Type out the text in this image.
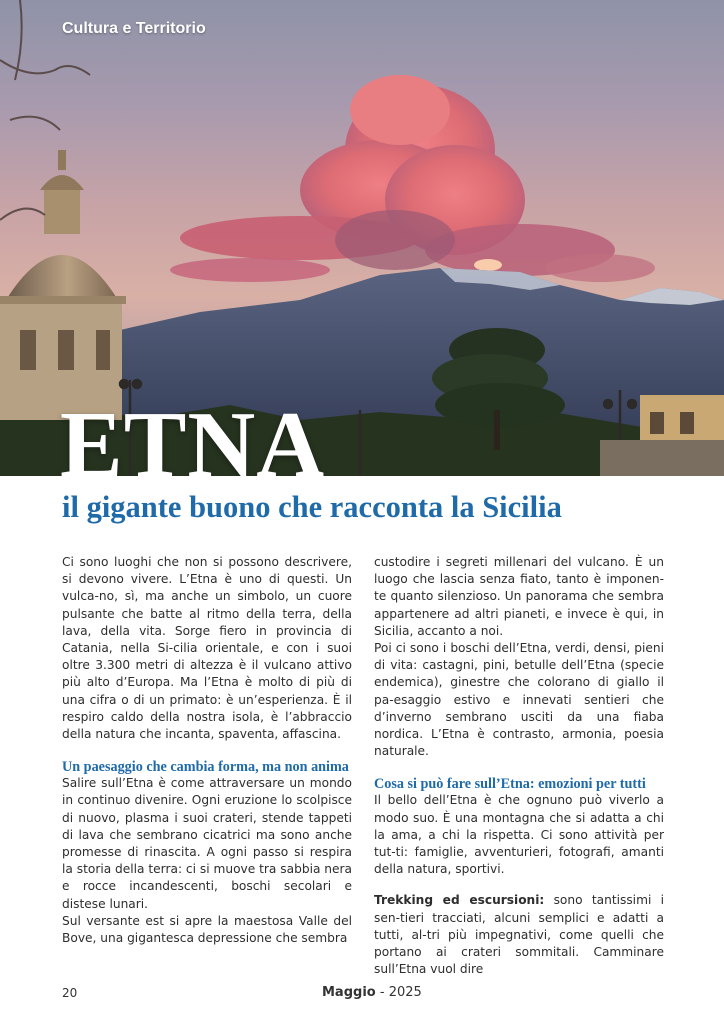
Cultura e Territorio
ETNA
il gigante buono che racconta la Sicilia

Ci sono luoghi che non si possono descrivere, si devono vivere. L’Etna è uno di questi. Un vulca-no, sì, ma anche un simbolo, un cuore pulsante che batte al ritmo della terra, della lava, della vita. Sorge fiero in provincia di Catania, nella Si-cilia orientale, e con i suoi oltre 3.300 metri di altezza è il vulcano attivo più alto d’Europa. Ma l’Etna è molto di più di una cifra o di un primato: è un’esperienza. È il respiro caldo della nostra isola, è l’abbraccio della natura che incanta, spaventa, affascina.

Un paesaggio che cambia forma, ma non anima

Salire sull’Etna è come attraversare un mondo in continuo divenire. Ogni eruzione lo scolpisce di nuovo, plasma i suoi crateri, stende tappeti di lava che sembrano cicatrici ma sono anche promesse di rinascita. A ogni passo si respira la storia della terra: ci si muove tra sabbia nera e rocce incandescenti, boschi secolari e distese lunari.

Sul versante est si apre la maestosa Valle del Bove, una gigantesca depressione che sembra

custodire i segreti millenari del vulcano. È un luogo che lascia senza fiato, tanto è imponen-te quanto silenzioso. Un panorama che sembra appartenere ad altri pianeti, e invece è qui, in Sicilia, accanto a noi.

Poi ci sono i boschi dell’Etna, verdi, densi, pieni di vita: castagni, pini, betulle dell’Etna (specie endemica), ginestre che colorano di giallo il pa-esaggio estivo e innevati sentieri che d’inverno sembrano usciti da una fiaba nordica. L’Etna è contrasto, armonia, poesia naturale.

Cosa si può fare sull’Etna: emozioni per tutti

Il bello dell’Etna è che ognuno può viverlo a modo suo. È una montagna che si adatta a chi la ama, a chi la rispetta. Ci sono attività per tut-ti: famiglie, avventurieri, fotografi, amanti della natura, sportivi.

Trekking ed escursioni: sono tantissimi i sen-tieri tracciati, alcuni semplici e adatti a tutti, al-tri più impegnativi, come quelli che portano ai crateri sommitali. Camminare sull’Etna vuol dire

20	Maggio - 2025
